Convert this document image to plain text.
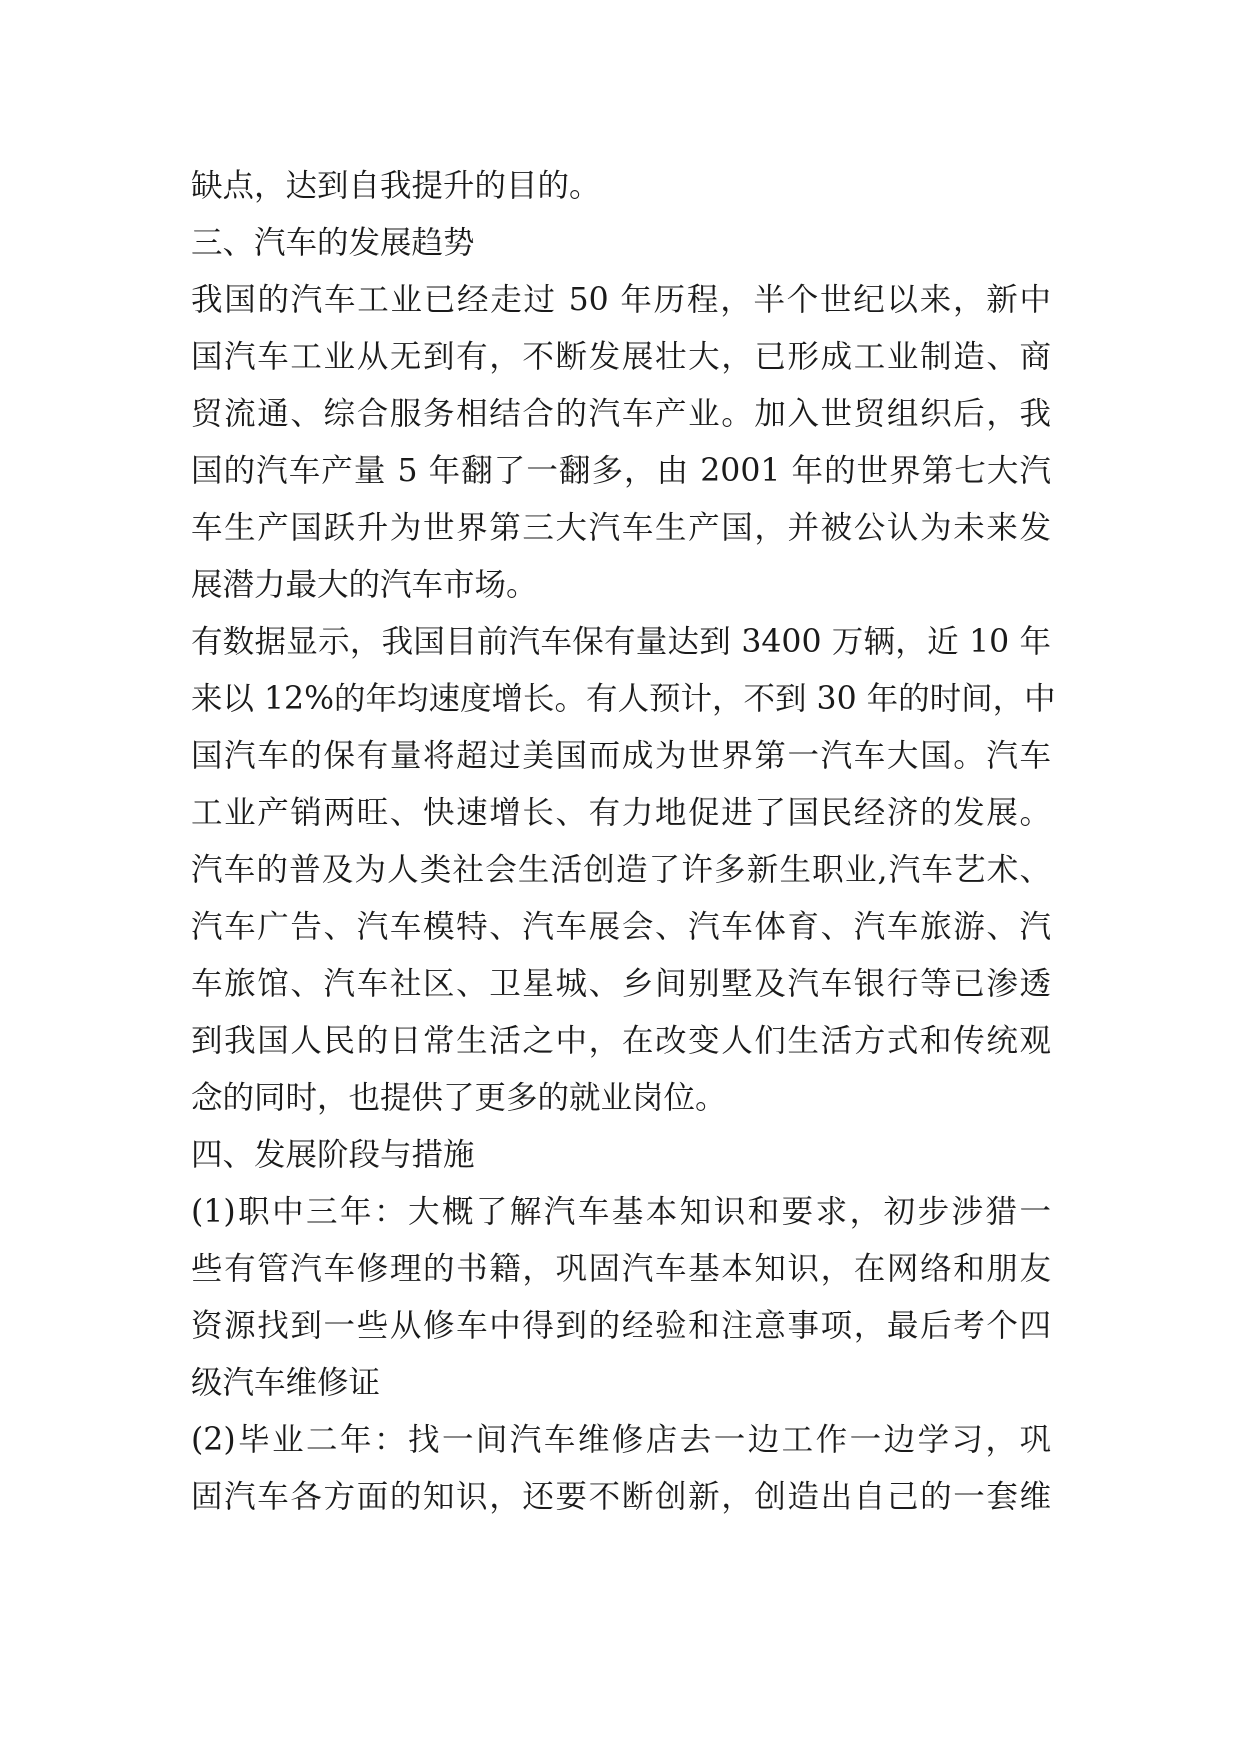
缺点，达到自我提升的目的。
三、汽车的发展趋势
我国的汽车工业已经走过 50 年历程，半个世纪以来，新中
国汽车工业从无到有，不断发展壮大，已形成工业制造、商
贸流通、综合服务相结合的汽车产业。加入世贸组织后，我
国的汽车产量 5 年翻了一翻多，由 2001 年的世界第七大汽
车生产国跃升为世界第三大汽车生产国，并被公认为未来发
展潜力最大的汽车市场。
有数据显示，我国目前汽车保有量达到 3400 万辆，近 10 年
来以 12%的年均速度增长。有人预计，不到 30 年的时间，中
国汽车的保有量将超过美国而成为世界第一汽车大国。汽车
工业产销两旺、快速增长、有力地促进了国民经济的发展。
汽车的普及为人类社会生活创造了许多新生职业,汽车艺术、
汽车广告、汽车模特、汽车展会、汽车体育、汽车旅游、汽
车旅馆、汽车社区、卫星城、乡间别墅及汽车银行等已渗透
到我国人民的日常生活之中，在改变人们生活方式和传统观
念的同时，也提供了更多的就业岗位。
四、发展阶段与措施
(1)职中三年：大概了解汽车基本知识和要求，初步涉猎一
些有管汽车修理的书籍，巩固汽车基本知识，在网络和朋友
资源找到一些从修车中得到的经验和注意事项，最后考个四
级汽车维修证
(2)毕业二年：找一间汽车维修店去一边工作一边学习，巩
固汽车各方面的知识，还要不断创新，创造出自己的一套维
